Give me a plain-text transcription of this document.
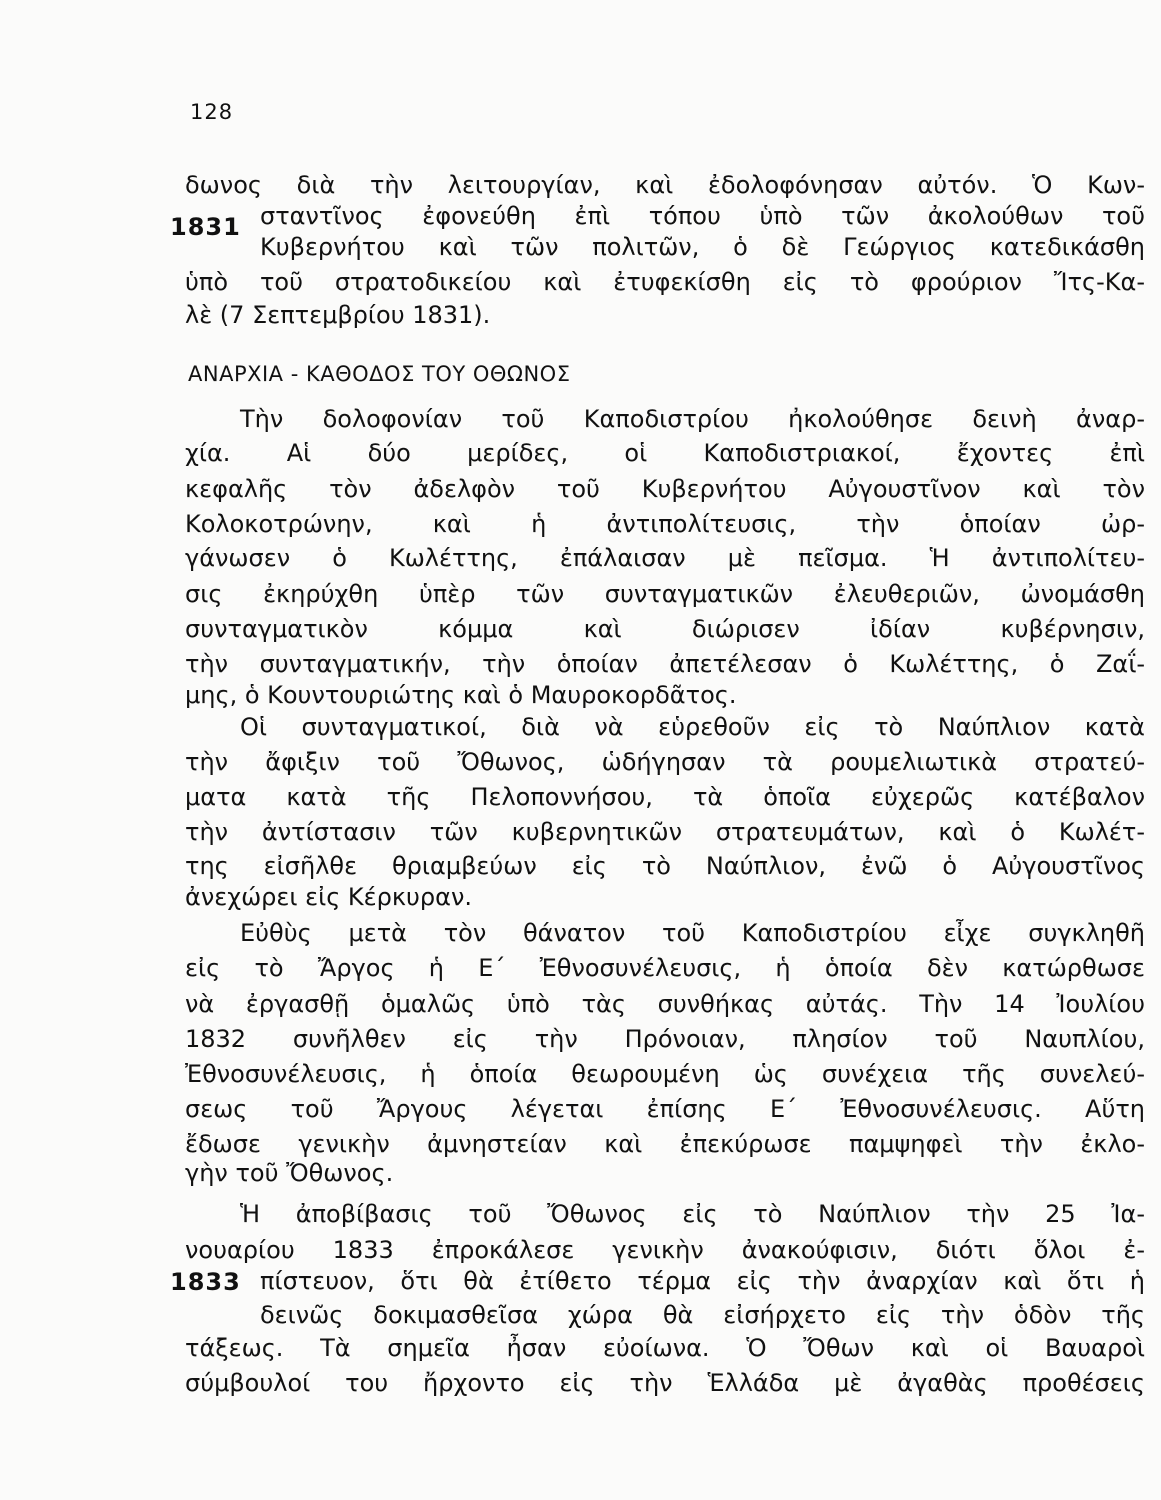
128
1831
1833
δωνος διὰ τὴν λειτουργίαν, καὶ ἐδολοφόνησαν αὐτόν. Ὁ Κων-
σταντῖνος ἐφονεύθη ἐπὶ τόπου ὑπὸ τῶν ἀκολούθων τοῦ
Κυβερνήτου καὶ τῶν πολιτῶν, ὁ δὲ Γεώργιος κατεδικάσθη
ὑπὸ τοῦ στρατοδικείου καὶ ἐτυφεκίσθη εἰς τὸ φρούριον Ἴτς-Κα-
λὲ (7 Σεπτεμβρίου 1831).
ΑΝΑΡΧΙΑ - ΚΑΘΟΔΟΣ ΤΟΥ ΟΘΩΝΟΣ
Τὴν δολοφονίαν τοῦ Καποδιστρίου ἠκολούθησε δεινὴ ἀναρ-
χία. Αἱ δύο μερίδες, οἱ Καποδιστριακοί, ἔχοντες ἐπὶ
κεφαλῆς τὸν ἀδελφὸν τοῦ Κυβερνήτου Αὐγουστῖνον καὶ τὸν
Κολοκοτρώνην, καὶ ἡ ἀντιπολίτευσις, τὴν ὁποίαν ὠρ-
γάνωσεν ὁ Κωλέττης, ἐπάλαισαν μὲ πεῖσμα. Ἡ ἀντιπολίτευ-
σις ἐκηρύχθη ὑπὲρ τῶν συνταγματικῶν ἐλευθεριῶν, ὠνομάσθη
συνταγματικὸν κόμμα καὶ διώρισεν ἰδίαν κυβέρνησιν,
τὴν συνταγματικήν, τὴν ὁποίαν ἀπετέλεσαν ὁ Κωλέττης, ὁ Ζαΐ-
μης, ὁ Κουντουριώτης καὶ ὁ Μαυροκορδᾶτος.
Οἱ συνταγματικοί, διὰ νὰ εὑρεθοῦν εἰς τὸ Ναύπλιον κατὰ
τὴν ἄφιξιν τοῦ Ὄθωνος, ὡδήγησαν τὰ ρουμελιωτικὰ στρατεύ-
ματα κατὰ τῆς Πελοποννήσου, τὰ ὁποῖα εὐχερῶς κατέβαλον
τὴν ἀντίστασιν τῶν κυβερνητικῶν στρατευμάτων, καὶ ὁ Κωλέτ-
της εἰσῆλθε θριαμβεύων εἰς τὸ Ναύπλιον, ἐνῶ ὁ Αὐγουστῖνος
ἀνεχώρει εἰς Κέρκυραν.
Εὐθὺς μετὰ τὸν θάνατον τοῦ Καποδιστρίου εἶχε συγκληθῆ
εἰς τὸ Ἄργος ἡ Ε΄ Ἐθνοσυνέλευσις, ἡ ὁποία δὲν κατώρθωσε
νὰ ἐργασθῇ ὁμαλῶς ὑπὸ τὰς συνθήκας αὐτάς. Τὴν 14 Ἰουλίου
1832 συνῆλθεν εἰς τὴν Πρόνοιαν, πλησίον τοῦ Ναυπλίου,
Ἐθνοσυνέλευσις, ἡ ὁποία θεωρουμένη ὡς συνέχεια τῆς συνελεύ-
σεως τοῦ Ἄργους λέγεται ἐπίσης Ε΄ Ἐθνοσυνέλευσις. Αὕτη
ἔδωσε γενικὴν ἀμνηστείαν καὶ ἐπεκύρωσε παμψηφεὶ τὴν ἐκλο-
γὴν τοῦ Ὄθωνος.
Ἡ ἀποβίβασις τοῦ Ὄθωνος εἰς τὸ Ναύπλιον τὴν 25 Ἰα-
νουαρίου 1833 ἐπροκάλεσε γενικὴν ἀνακούφισιν, διότι ὅλοι ἐ-
πίστευον, ὅτι θὰ ἐτίθετο τέρμα εἰς τὴν ἀναρχίαν καὶ ὅτι ἡ
δεινῶς δοκιμασθεῖσα χώρα θὰ εἰσήρχετο εἰς τὴν ὁδὸν τῆς
τάξεως. Τὰ σημεῖα ἦσαν εὐοίωνα. Ὁ Ὄθων καὶ οἱ Βαυαροὶ
σύμβουλοί του ἤρχοντο εἰς τὴν Ἑλλάδα μὲ ἀγαθὰς προθέσεις
